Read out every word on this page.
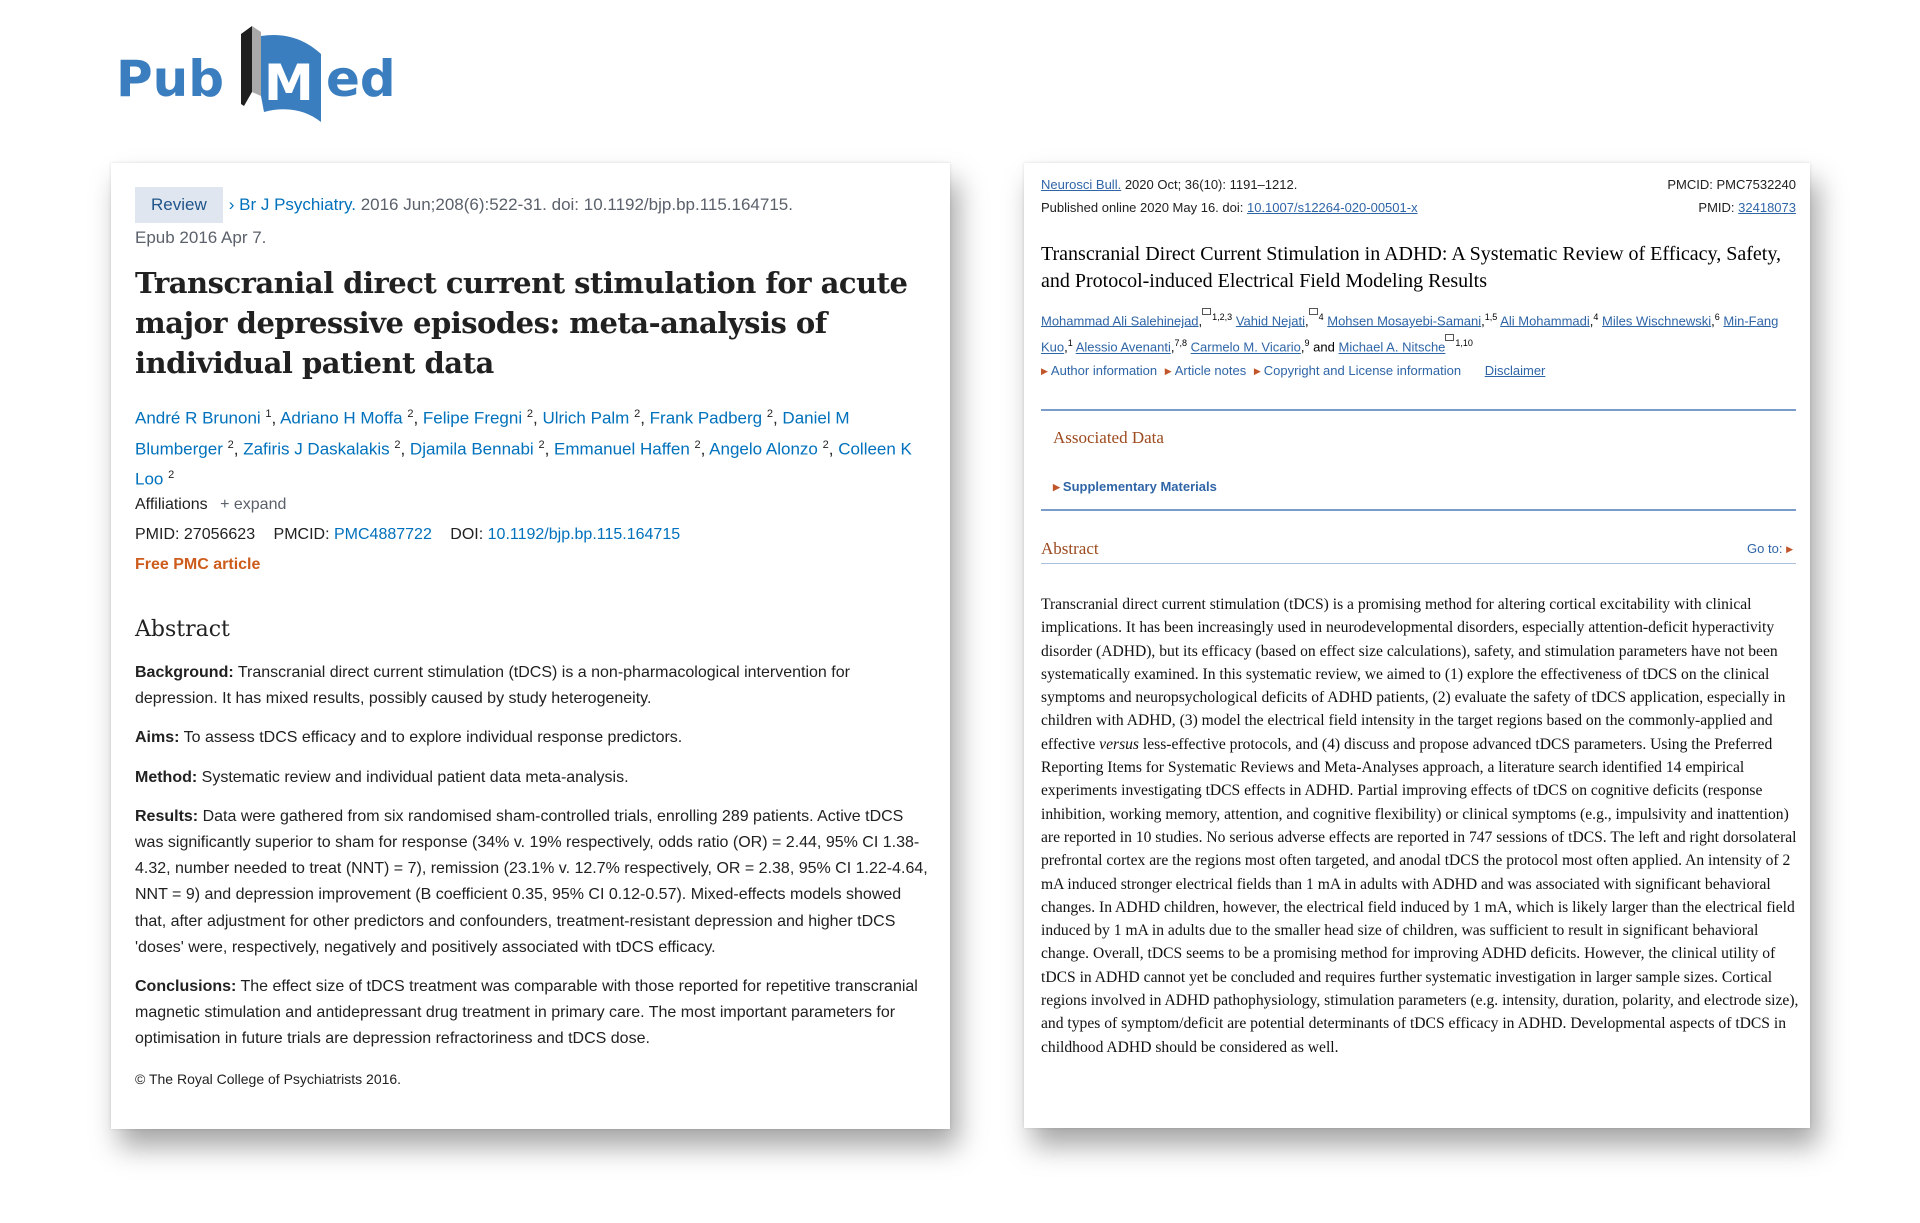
Pub M ed
Review › Br J Psychiatry. 2016 Jun;208(6):522-31. doi: 10.1192/bjp.bp.115.164715.
Epub 2016 Apr 7.
Transcranial direct current stimulation for acute major depressive episodes: meta-analysis of individual patient data
André R Brunoni $^1$, Adriano H Moffa $^2$, Felipe Fregni $^2$, Ulrich Palm $^2$, Frank Padberg $^2$, Daniel M Blumberger $^2$, Zafiris J Daskalakis $^2$, Djamila Bennabi $^2$, Emmanuel Haffen $^2$, Angelo Alonzo $^2$, Colleen K Loo $^2$
Affiliations + expand
PMID: 27056623 PMCID: PMC4887722 DOI: 10.1192/bjp.bp.115.164715
Free PMC article
Abstract

Background: Transcranial direct current stimulation (tDCS) is a non-pharmacological intervention for depression. It has mixed results, possibly caused by study heterogeneity.

Aims: To assess tDCS efficacy and to explore individual response predictors.

Method: Systematic review and individual patient data meta-analysis.

Results: Data were gathered from six randomised sham-controlled trials, enrolling 289 patients. Active tDCS was significantly superior to sham for response (34% v. 19% respectively, odds ratio (OR) = 2.44, 95% CI 1.38-4.32, number needed to treat (NNT) = 7), remission (23.1% v. 12.7% respectively, OR = 2.38, 95% CI 1.22-4.64, NNT = 9) and depression improvement (B coefficient 0.35, 95% CI 0.12-0.57). Mixed-effects models showed that, after adjustment for other predictors and confounders, treatment-resistant depression and higher tDCS 'doses' were, respectively, negatively and positively associated with tDCS efficacy.

Conclusions: The effect size of tDCS treatment was comparable with those reported for repetitive transcranial magnetic stimulation and antidepressant drug treatment in primary care. The most important parameters for optimisation in future trials are depression refractoriness and tDCS dose.

© The Royal College of Psychiatrists 2016.
PMCID: PMC7532240
PMID: 32418073
Neurosci Bull. 2020 Oct; 36(10): 1191–1212.
Published online 2020 May 16. doi: 10.1007/s12264-020-00501-x
Transcranial Direct Current Stimulation in ADHD: A Systematic Review of Efficacy, Safety, and Protocol-induced Electrical Field Modeling Results
Mohammad Ali Salehinejad, $^{1,2,3}$ Vahid Nejati, $^4$ Mohsen Mosayebi-Samani,$^{1,5}$ Ali Mohammadi,$^4$ Miles Wischnewski,$^6$ Min-Fang Kuo,$^1$ Alessio Avenanti,$^{7,8}$ Carmelo M. Vicario,$^9$ and Michael A. Nitsche $^{1,10}$
▶ Author information ▶ Article notes ▶ Copyright and License information Disclaimer
Associated Data
▶ Supplementary Materials
Abstract	Go to: ▶
Transcranial direct current stimulation (tDCS) is a promising method for altering cortical excitability with clinical implications. It has been increasingly used in neurodevelopmental disorders, especially attention-deficit hyperactivity disorder (ADHD), but its efficacy (based on effect size calculations), safety, and stimulation parameters have not been systematically examined. In this systematic review, we aimed to (1) explore the effectiveness of tDCS on the clinical symptoms and neuropsychological deficits of ADHD patients, (2) evaluate the safety of tDCS application, especially in children with ADHD, (3) model the electrical field intensity in the target regions based on the commonly-applied and effective versus less-effective protocols, and (4) discuss and propose advanced tDCS parameters. Using the Preferred Reporting Items for Systematic Reviews and Meta-Analyses approach, a literature search identified 14 empirical experiments investigating tDCS effects in ADHD. Partial improving effects of tDCS on cognitive deficits (response inhibition, working memory, attention, and cognitive flexibility) or clinical symptoms (e.g., impulsivity and inattention) are reported in 10 studies. No serious adverse effects are reported in 747 sessions of tDCS. The left and right dorsolateral prefrontal cortex are the regions most often targeted, and anodal tDCS the protocol most often applied. An intensity of 2 mA induced stronger electrical fields than 1 mA in adults with ADHD and was associated with significant behavioral changes. In ADHD children, however, the electrical field induced by 1 mA, which is likely larger than the electrical field induced by 1 mA in adults due to the smaller head size of children, was sufficient to result in significant behavioral change. Overall, tDCS seems to be a promising method for improving ADHD deficits. However, the clinical utility of tDCS in ADHD cannot yet be concluded and requires further systematic investigation in larger sample sizes. Cortical regions involved in ADHD pathophysiology, stimulation parameters (e.g. intensity, duration, polarity, and electrode size), and types of symptom/deficit are potential determinants of tDCS efficacy in ADHD. Developmental aspects of tDCS in childhood ADHD should be considered as well.
